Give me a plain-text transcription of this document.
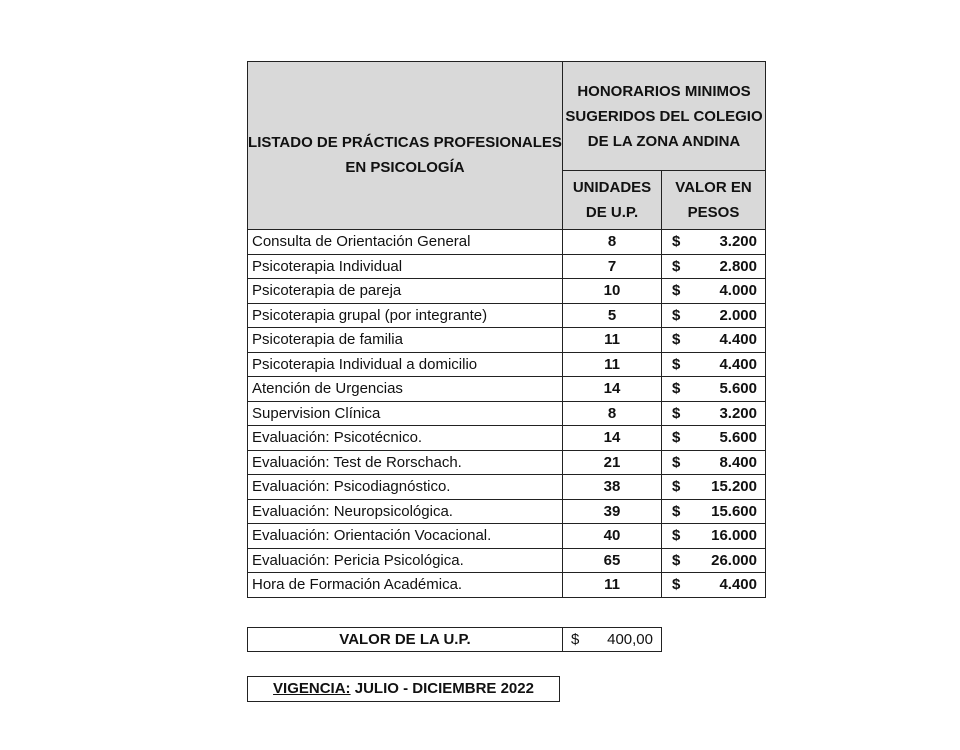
LISTADO DE PRÁCTICAS PROFESIONALES EN PSICOLOGÍA	HONORARIOS MINIMOS SUGERIDOS DEL COLEGIO DE LA ZONA ANDINA	
	UNIDADES DE U.P.	VALOR EN PESOS
Consulta de Orientación General	8	$ 3.200

Psicoterapia Individual	7	$ 2.800

Psicoterapia de pareja	10	$ 4.000

Psicoterapia grupal (por integrante)	5	$ 2.000

Psicoterapia de familia	11	$ 4.400

Psicoterapia Individual a domicilio	11	$ 4.400

Atención de Urgencias	14	$ 5.600

Supervision Clínica	8	$ 3.200

Evaluación: Psicotécnico.	14	$ 5.600

Evaluación: Test de Rorschach.	21	$ 8.400

Evaluación: Psicodiagnóstico.	38	$ 15.200

Evaluación: Neuropsicológica.	39	$ 15.600

Evaluación: Orientación Vocacional.	40	$ 16.000

Evaluación: Pericia Psicológica.	65	$ 26.000

Hora de Formación Académica.	11	$ 4.400
VALOR DE LA U.P.	$ 400,00
VIGENCIA: JULIO - DICIEMBRE 2022
